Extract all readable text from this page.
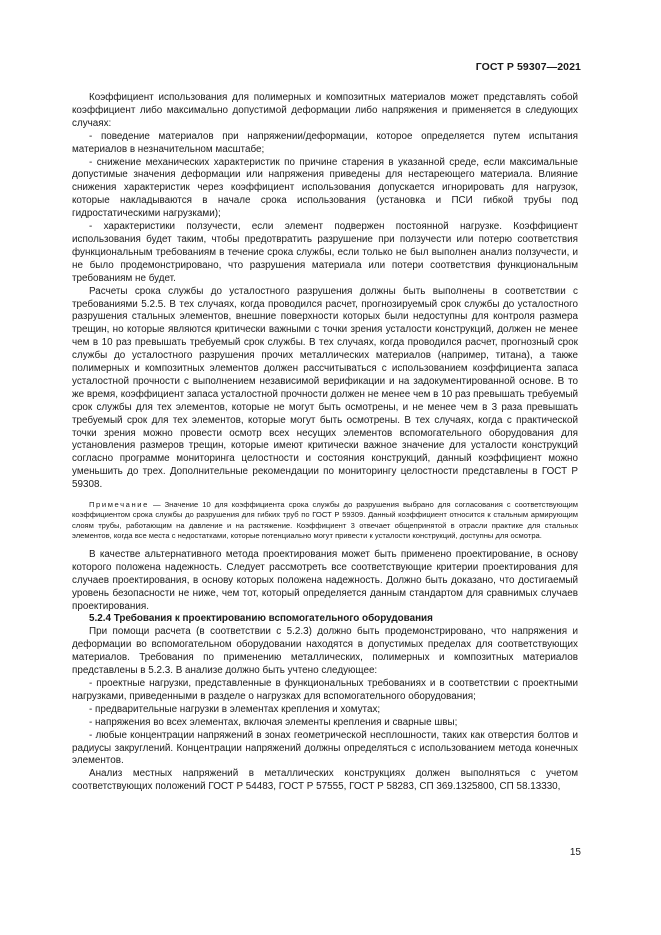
ГОСТ Р 59307—2021

Коэффициент использования для полимерных и композитных материалов может представлять собой коэффициент либо максимально допустимой деформации либо напряжения и применяется в следующих случаях:

- поведение материалов при напряжении/деформации, которое определяется путем испытания материалов в незначительном масштабе;

- снижение механических характеристик по причине старения в указанной среде, если максимальные допустимые значения деформации или напряжения приведены для нестареющего материала. Влияние снижения характеристик через коэффициент использования допускается игнорировать для нагрузок, которые накладываются в начале срока использования (установка и ПСИ гибкой трубы под гидростатическими нагрузками);

- характеристики ползучести, если элемент подвержен постоянной нагрузке. Коэффициент использования будет таким, чтобы предотвратить разрушение при ползучести или потерю соответствия функциональным требованиям в течение срока службы, если только не был выполнен анализ ползучести, и не было продемонстрировано, что разрушения материала или потери соответствия функциональным требованиям не будет.

Расчеты срока службы до усталостного разрушения должны быть выполнены в соответствии с требованиями 5.2.5. В тех случаях, когда проводился расчет, прогнозируемый срок службы до усталостного разрушения стальных элементов, внешние поверхности которых были недоступны для контроля размера трещин, но которые являются критически важными с точки зрения усталости конструкций, должен не менее чем в 10 раз превышать требуемый срок службы. В тех случаях, когда проводился расчет, прогнозный срок службы до усталостного разрушения прочих металлических материалов (например, титана), а также полимерных и композитных элементов должен рассчитываться с использованием коэффициента запаса усталостной прочности с выполнением независимой верификации и на задокументированной основе. В то же время, коэффициент запаса усталостной прочности должен не менее чем в 10 раз превышать требуемый срок службы для тех элементов, которые не могут быть осмотрены, и не менее чем в 3 раза превышать требуемый срок для тех элементов, которые могут быть осмотрены. В тех случаях, когда с практической точки зрения можно провести осмотр всех несущих элементов вспомогательного оборудования для установления размеров трещин, которые имеют критически важное значение для усталости конструкций согласно программе мониторинга целостности и состояния конструкций, данный коэффициент можно уменьшить до трех. Дополнительные рекомендации по мониторингу целостности представлены в ГОСТ Р 59308.

Примечание — Значение 10 для коэффициента срока службы до разрушения выбрано для согласования с соответствующим коэффициентом срока службы до разрушения для гибких труб по ГОСТ Р 59309. Данный коэффициент относится к стальным армирующим слоям трубы, работающим на давление и на растяжение. Коэффициент 3 отвечает общепринятой в отрасли практике для стальных элементов, когда все места с недостатками, которые потенциально могут привести к усталости конструкций, доступны для осмотра.

В качестве альтернативного метода проектирования может быть применено проектирование, в основу которого положена надежность. Следует рассмотреть все соответствующие критерии проектирования для случаев проектирования, в основу которых положена надежность. Должно быть доказано, что достигаемый уровень безопасности не ниже, чем тот, который определяется данным стандартом для сравнимых случаев проектирования.

5.2.4 Требования к проектированию вспомогательного оборудования

При помощи расчета (в соответствии с 5.2.3) должно быть продемонстрировано, что напряжения и деформации во вспомогательном оборудовании находятся в допустимых пределах для соответствующих материалов. Требования по применению металлических, полимерных и композитных материалов представлены в 5.2.3. В анализе должно быть учтено следующее:

- проектные нагрузки, представленные в функциональных требованиях и в соответствии с проектными нагрузками, приведенными в разделе о нагрузках для вспомогательного оборудования;

- предварительные нагрузки в элементах крепления и хомутах;

- напряжения во всех элементах, включая элементы крепления и сварные швы;

- любые концентрации напряжений в зонах геометрической несплошности, таких как отверстия болтов и радиусы закруглений. Концентрации напряжений должны определяться с использованием метода конечных элементов.

Анализ местных напряжений в металлических конструкциях должен выполняться с учетом соответствующих положений ГОСТ Р 54483, ГОСТ Р 57555, ГОСТ Р 58283, СП 369.1325800, СП 58.13330,

15
